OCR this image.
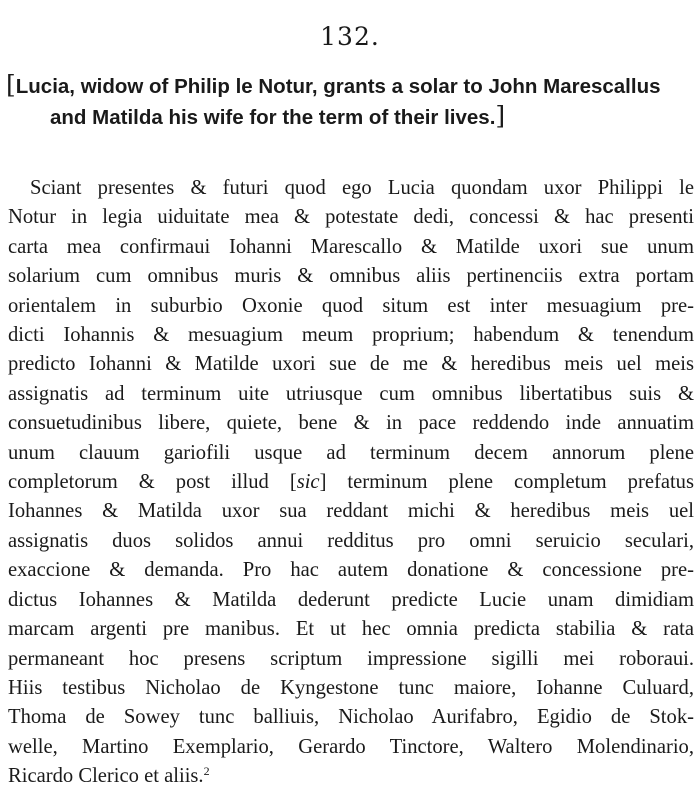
132.
[Lucia, widow of Philip le Notur, grants a solar to John Marescallus and Matilda his wife for the term of their lives.]
Sciant presentes & futuri quod ego Lucia quondam uxor Philippi le
Notur in legia uiduitate mea & potestate dedi, concessi & hac presenti
carta mea confirmaui Iohanni Marescallo & Matilde uxori sue unum
solarium cum omnibus muris & omnibus aliis pertinenciis extra portam
orientalem in suburbio Oxonie quod situm est inter mesuagium pre-
dicti Iohannis & mesuagium meum proprium; habendum & tenendum
predicto Iohanni & Matilde uxori sue de me & heredibus meis uel meis
assignatis ad terminum uite utriusque cum omnibus libertatibus suis &
consuetudinibus libere, quiete, bene & in pace reddendo inde annuatim
unum clauum gariofili usque ad terminum decem annorum plene
completorum & post illud [sic] terminum plene completum prefatus
Iohannes & Matilda uxor sua reddant michi & heredibus meis uel
assignatis duos solidos annui redditus pro omni seruicio seculari,
exaccione & demanda. Pro hac autem donatione & concessione pre-
dictus Iohannes & Matilda dederunt predicte Lucie unam dimidiam
marcam argenti pre manibus. Et ut hec omnia predicta stabilia & rata
permaneant hoc presens scriptum impressione sigilli mei roboraui.
Hiis testibus Nicholao de Kyngestone tunc maiore, Iohanne Culuard,
Thoma de Sowey tunc balliuis, Nicholao Aurifabro, Egidio de Stok-
welle, Martino Exemplario, Gerardo Tinctore, Waltero Molendinario,
Ricardo Clerico et aliis.$^2$
